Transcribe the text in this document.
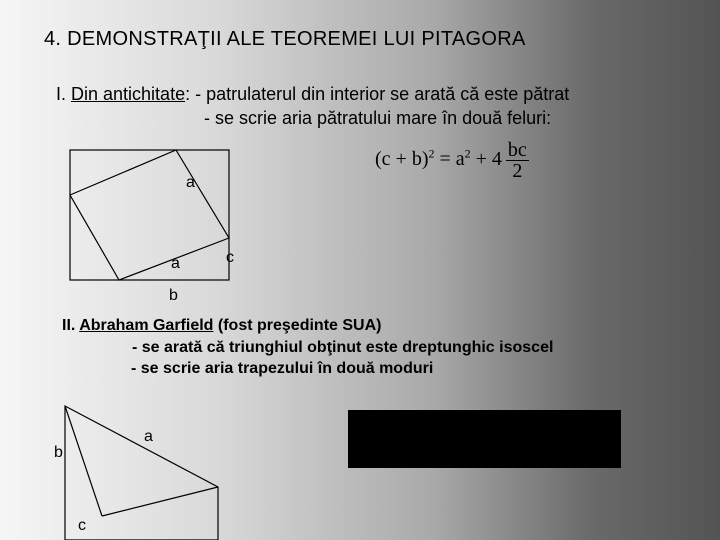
4. DEMONSTRAŢII ALE TEOREMEI LUI PITAGORA
I. Din antichitate: - patrulaterul din interior se arată că este pătrat
- se scrie aria pătratului mare în două feluri:
$(c + b)^2 = a^2 + 4 \frac{bc}{2}$
a
a	c
b
II. Abraham Garfield (fost preşedinte SUA)
- se arată că triunghiul obţinut este dreptunghic isoscel
- se scrie aria trapezului în două moduri
a
b
c
